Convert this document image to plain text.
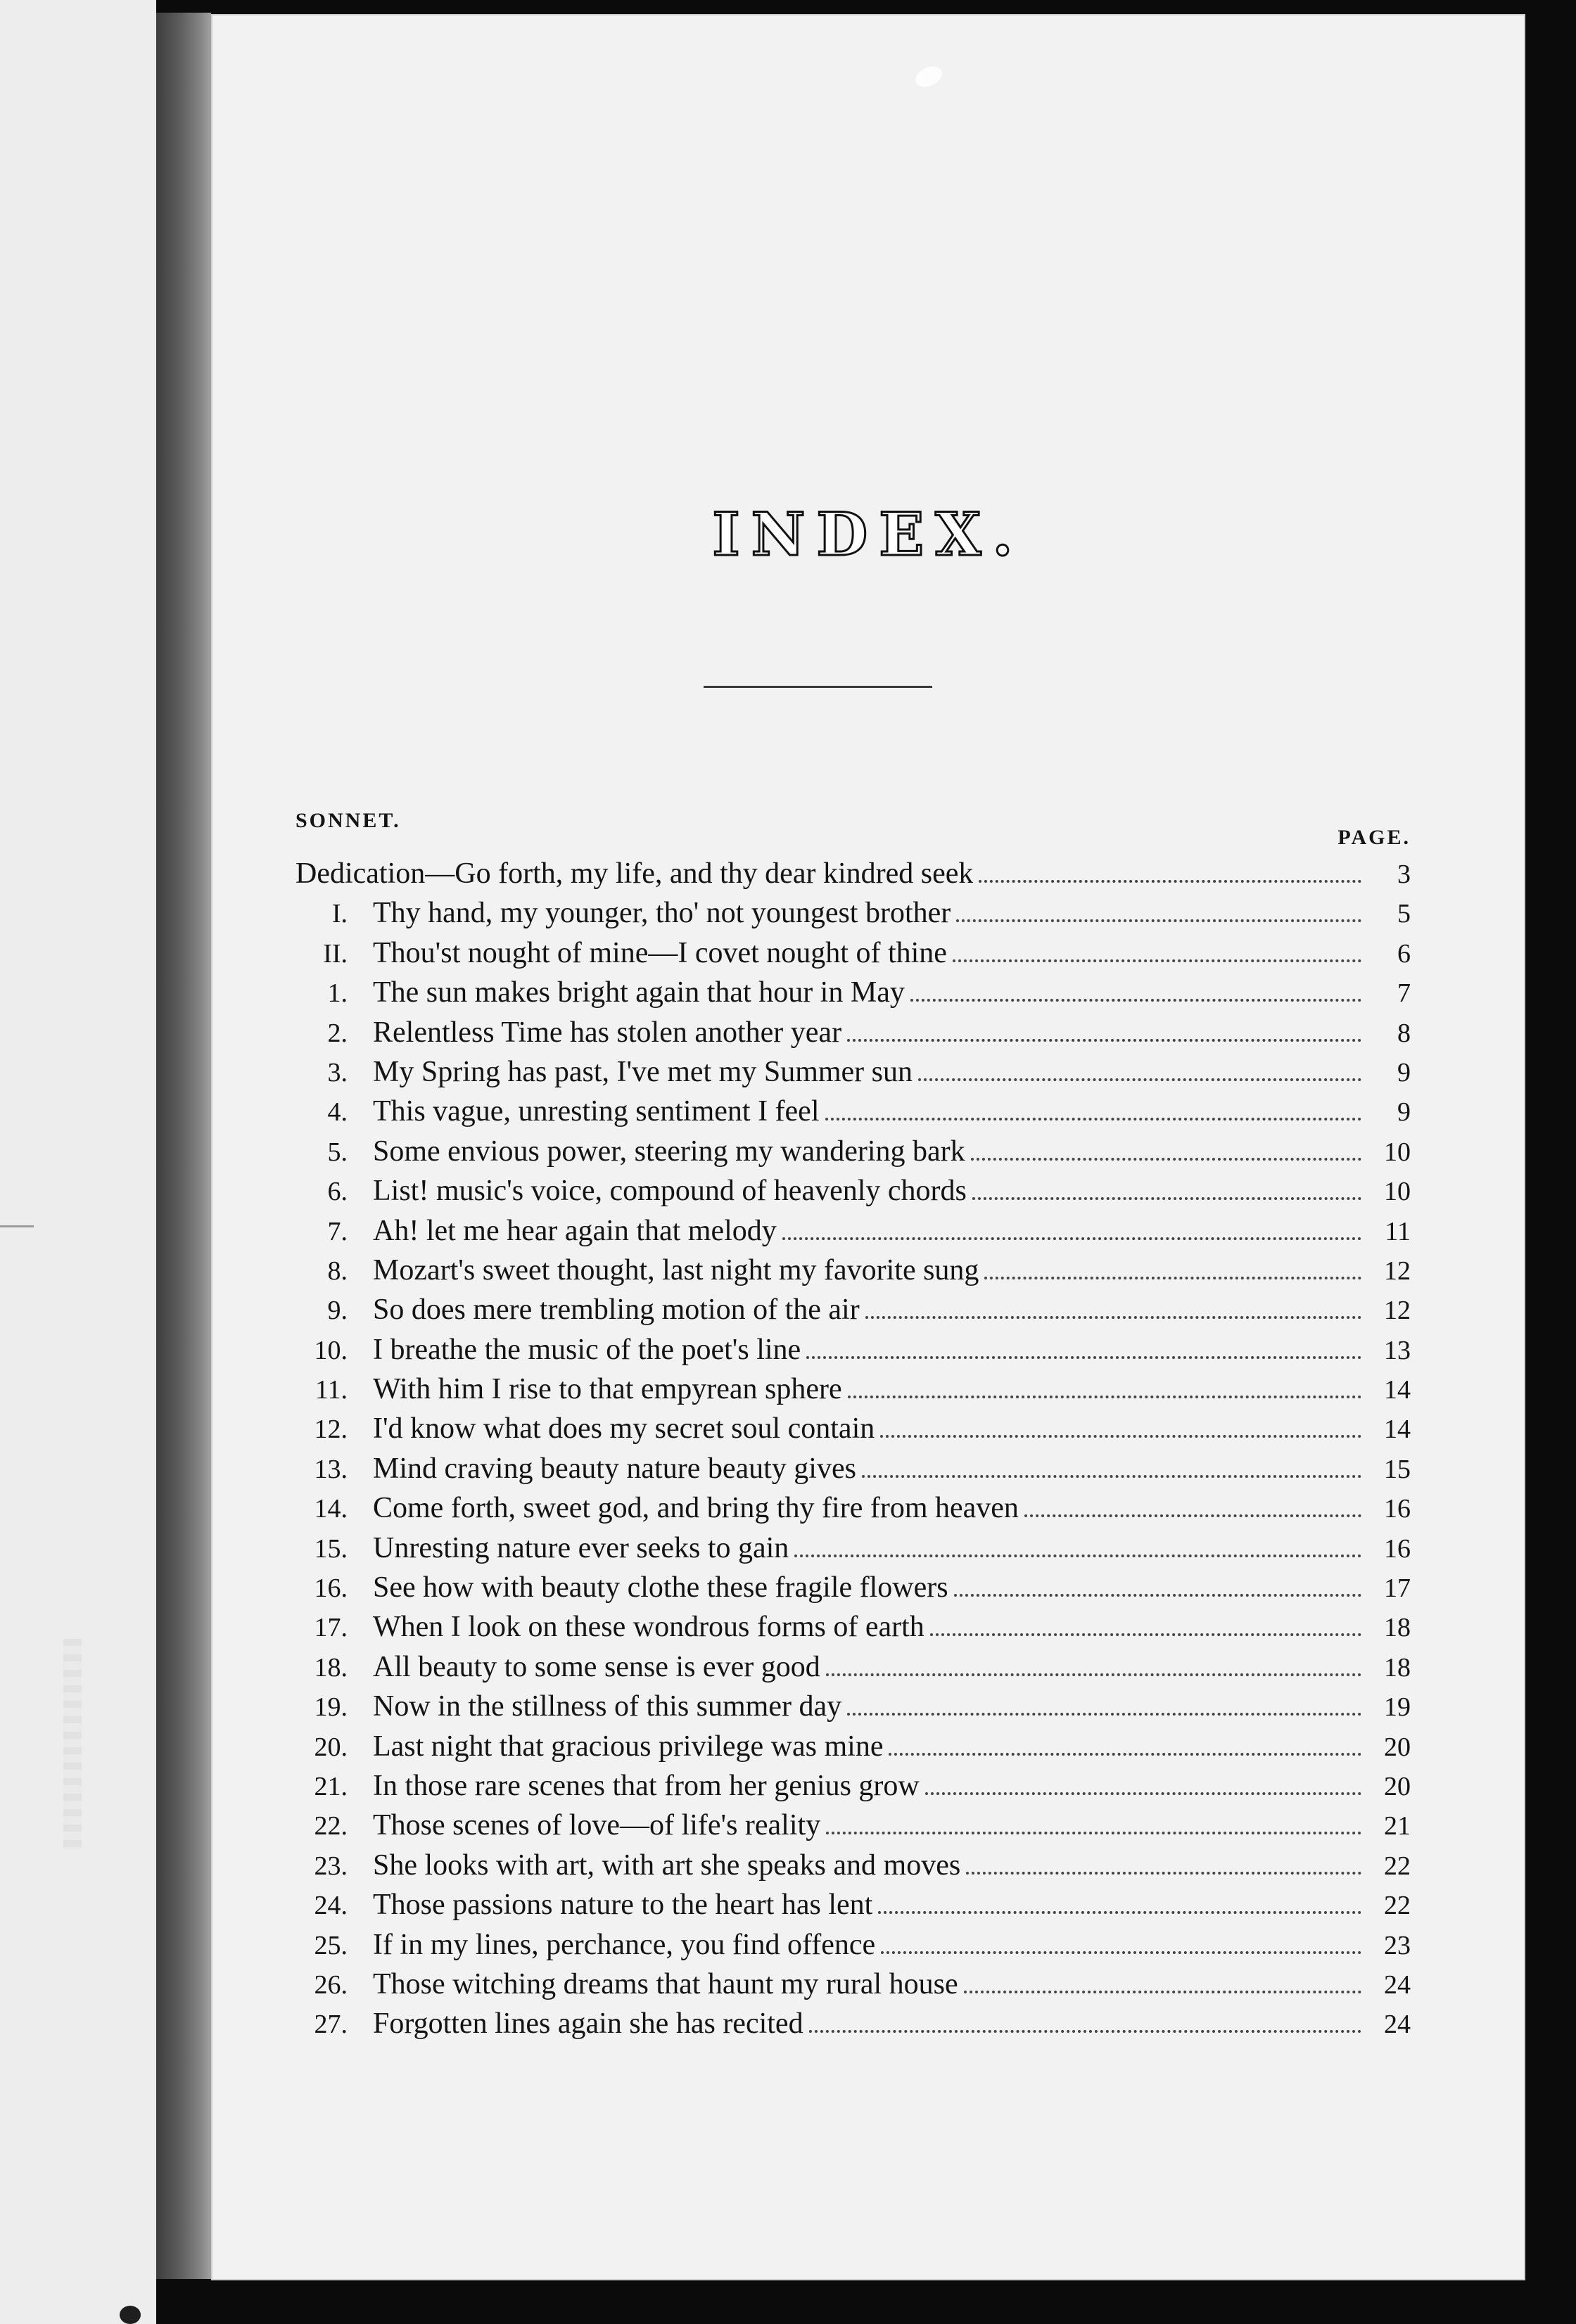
INDEX.
SONNET.
PAGE.
Dedication—Go forth, my life, and thy dear kindred seek	3
I. Thy hand, my younger, tho' not youngest brother	5
II. Thou'st nought of mine—I covet nought of thine	6
1. The sun makes bright again that hour in May	7
2. Relentless Time has stolen another year	8
3. My Spring has past, I've met my Summer sun	9
4. This vague, unresting sentiment I feel	9
5. Some envious power, steering my wandering bark	10
6. List! music's voice, compound of heavenly chords	10
7. Ah! let me hear again that melody	11
8. Mozart's sweet thought, last night my favorite sung	12
9. So does mere trembling motion of the air	12
10. I breathe the music of the poet's line	13
11. With him I rise to that empyrean sphere	14
12. I'd know what does my secret soul contain	14
13. Mind craving beauty nature beauty gives	15
14. Come forth, sweet god, and bring thy fire from heaven	16
15. Unresting nature ever seeks to gain	16
16. See how with beauty clothe these fragile flowers	17
17. When I look on these wondrous forms of earth	18
18. All beauty to some sense is ever good	18
19. Now in the stillness of this summer day	19
20. Last night that gracious privilege was mine	20
21. In those rare scenes that from her genius grow	20
22. Those scenes of love—of life's reality	21
23. She looks with art, with art she speaks and moves	22
24. Those passions nature to the heart has lent	22
25. If in my lines, perchance, you find offence	23
26. Those witching dreams that haunt my rural house	24
27. Forgotten lines again she has recited	24
